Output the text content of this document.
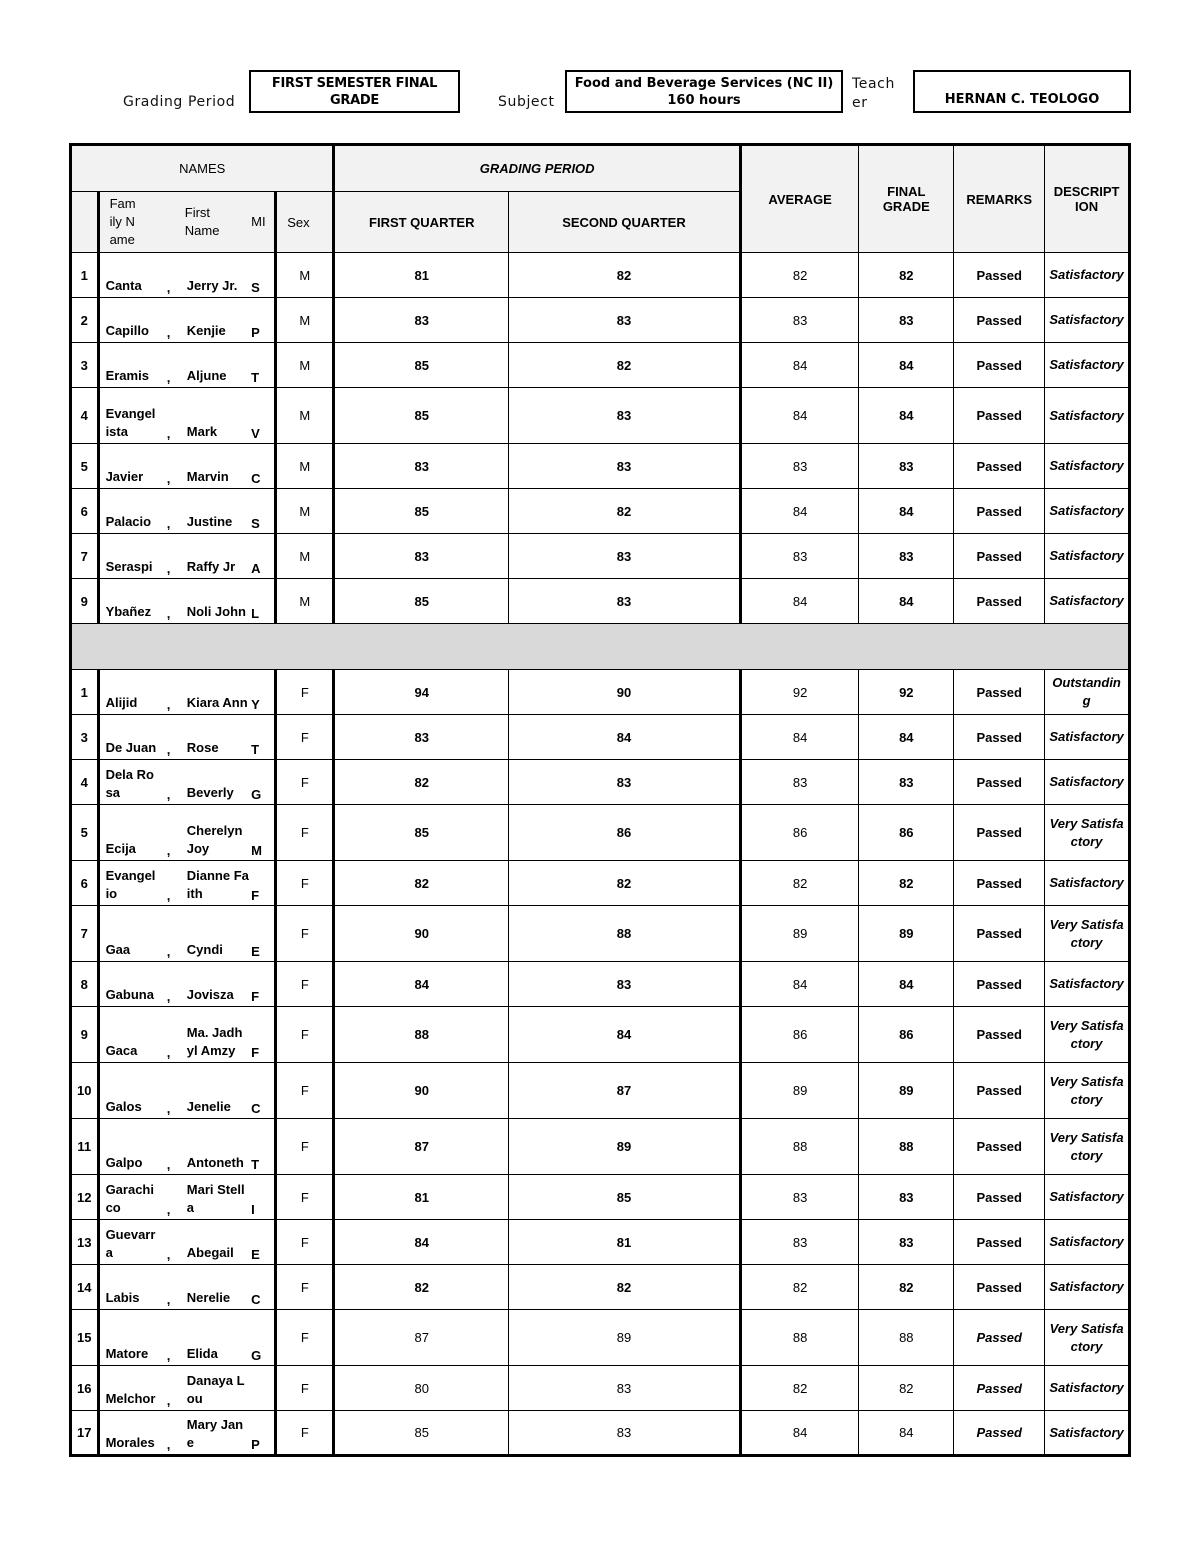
Grading Period
FIRST SEMESTER FINAL GRADE	Subject
Food and Beverage Services (NC II) 160 hours
Teacher	HERNAN C. TEOLOGO
NAMES						GRADING PERIOD		AVERAGE	FINAL GRADE	REMARKS	DESCRIPTION
	Family Name		First Name	MI	Sex	FIRST QUARTER	SECOND QUARTER				
1	Canta	,	Jerry Jr.	S	M	81	82	82	82	Passed	Satisfactory
2	Capillo	,	Kenjie	P	M	83	83	83	83	Passed	Satisfactory
3	Eramis	,	Aljune	T	M	85	82	84	84	Passed	Satisfactory
4	Evangelista	,	Mark	V	M	85	83	84	84	Passed	Satisfactory
5	Javier	,	Marvin	C	M	83	83	83	83	Passed	Satisfactory
6	Palacio	,	Justine	S	M	85	82	84	84	Passed	Satisfactory
7	Seraspi	,	Raffy Jr	A	M	83	83	83	83	Passed	Satisfactory
9	Ybañez	,	Noli John	L	M	85	83	84	84	Passed	Satisfactory

1	Alijid	,	Kiara Ann	Y	F	94	90	92	92	Passed	Outstanding
3	De Juan	,	Rose	T	F	83	84	84	84	Passed	Satisfactory
4	Dela Rosa	,	Beverly	G	F	82	83	83	83	Passed	Satisfactory
5	Ecija	,	Cherelyn Joy	M	F	85	86	86	86	Passed	Very Satisfactory
6	Evangelio	,	Dianne Faith	F	F	82	82	82	82	Passed	Satisfactory
7	Gaa	,	Cyndi	E	F	90	88	89	89	Passed	Very Satisfactory
8	Gabuna	,	Jovisza	F	F	84	83	84	84	Passed	Satisfactory
9	Gaca	,	Ma. Jadhyl Amzy	F	F	88	84	86	86	Passed	Very Satisfactory
10	Galos	,	Jenelie	C	F	90	87	89	89	Passed	Very Satisfactory
11	Galpo	,	Antoneth	T	F	87	89	88	88	Passed	Very Satisfactory
12	Garachico	,	Mari Stella	I	F	81	85	83	83	Passed	Satisfactory
13	Guevarra	,	Abegail	E	F	84	81	83	83	Passed	Satisfactory
14	Labis	,	Nerelie	C	F	82	82	82	82	Passed	Satisfactory
15	Matore	,	Elida	G	F	87	89	88	88	Passed	Very Satisfactory
16	Melchor	,	Danaya Lou		F	80	83	82	82	Passed	Satisfactory
17	Morales	,	Mary Jane	P	F	85	83	84	84	Passed	Satisfactory
